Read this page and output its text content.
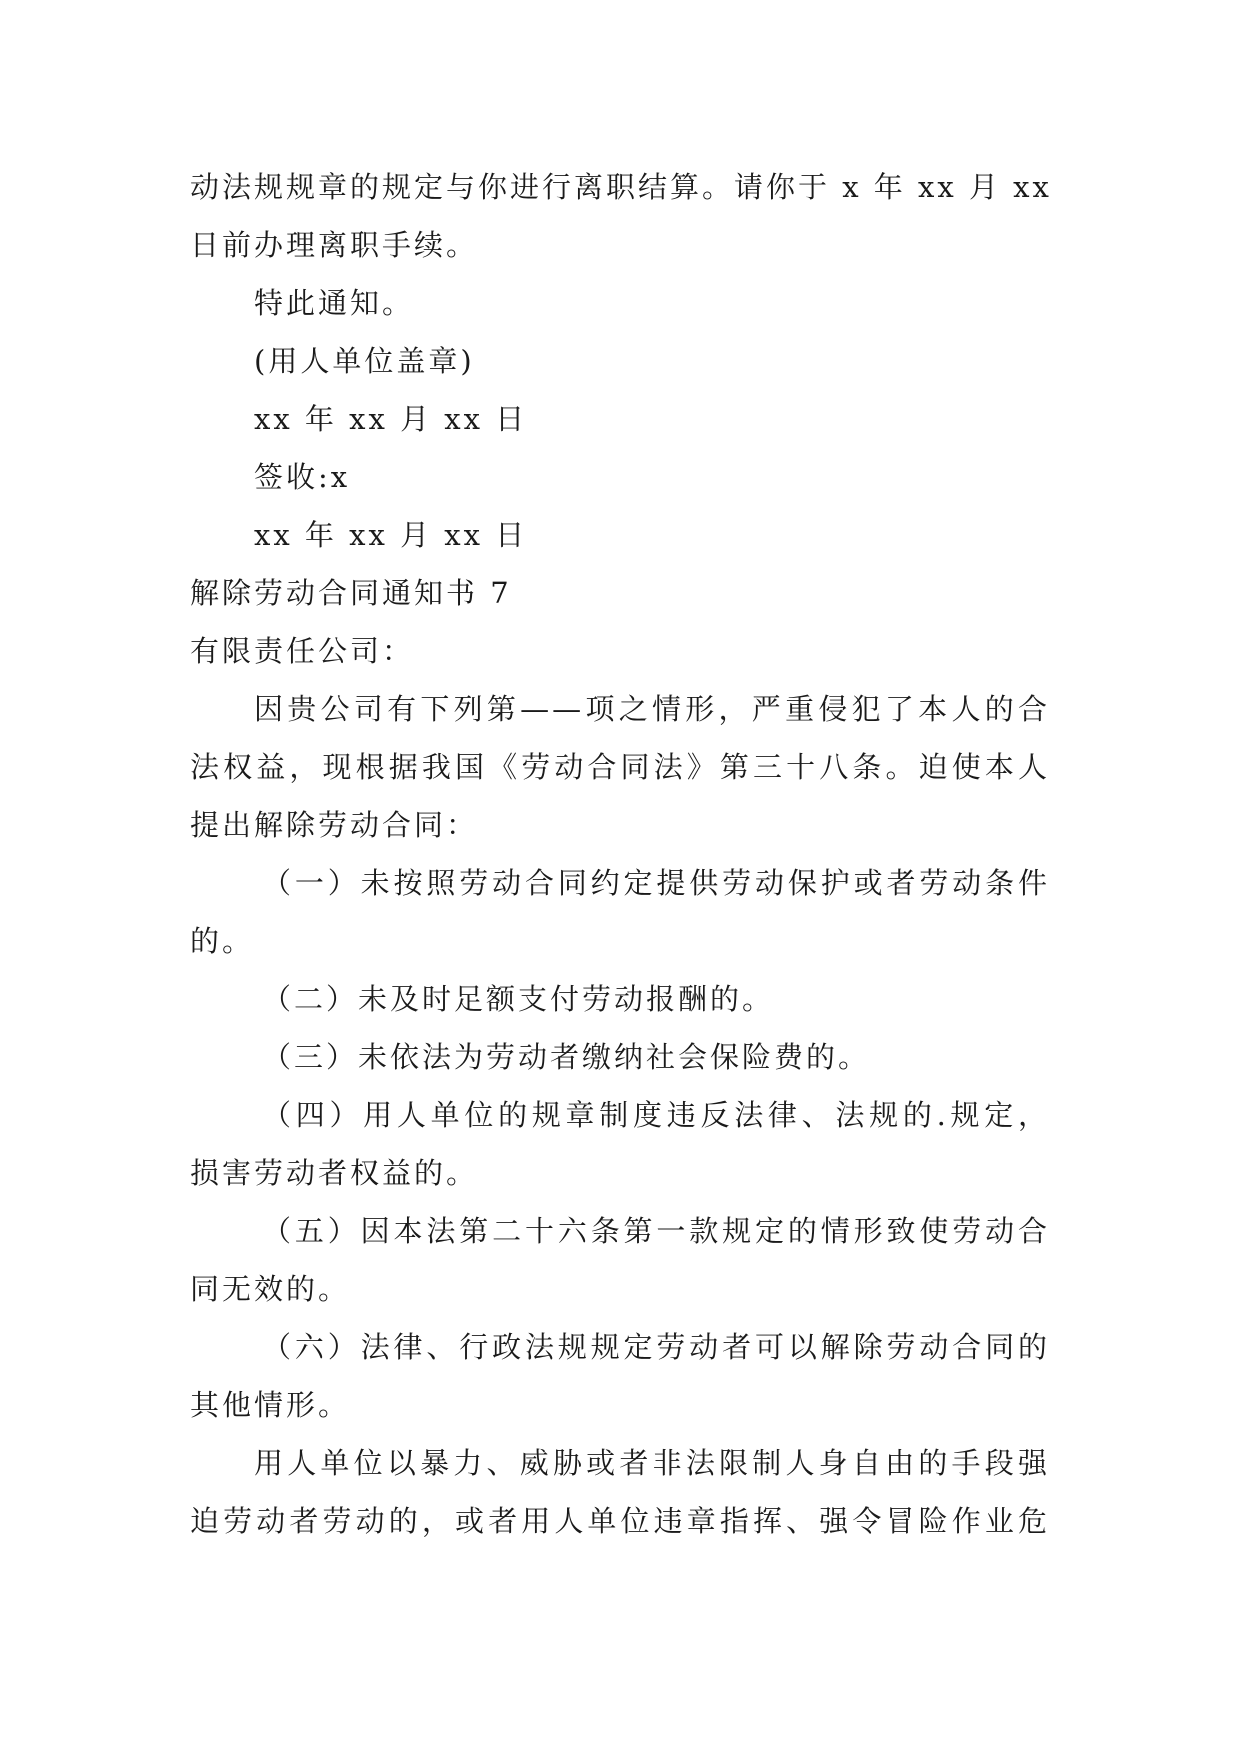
动法规规章的规定与你进行离职结算。请你于 x 年 xx 月 xx
日前办理离职手续。
特此通知。
(用人单位盖章)
xx 年 xx 月 xx 日
签收:x
xx 年 xx 月 xx 日
解除劳动合同通知书 7
有限责任公司：
因贵公司有下列第——项之情形，严重侵犯了本人的合
法权益，现根据我国《劳动合同法》第三十八条。迫使本人
提出解除劳动合同：
（一）未按照劳动合同约定提供劳动保护或者劳动条件
的。
（二）未及时足额支付劳动报酬的。
（三）未依法为劳动者缴纳社会保险费的。
（四）用人单位的规章制度违反法律、法规的.规定，
损害劳动者权益的。
（五）因本法第二十六条第一款规定的情形致使劳动合
同无效的。
（六）法律、行政法规规定劳动者可以解除劳动合同的
其他情形。
用人单位以暴力、威胁或者非法限制人身自由的手段强
迫劳动者劳动的，或者用人单位违章指挥、强令冒险作业危
